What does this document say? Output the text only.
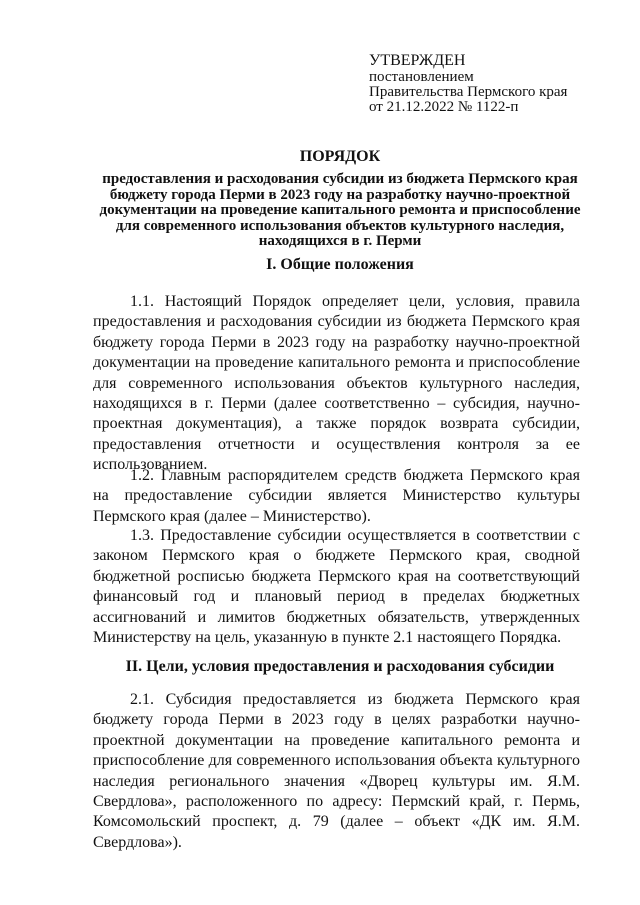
УТВЕРЖДЕН
постановлением
Правительства Пермского края
от 21.12.2022 № 1122-п
ПОРЯДОК
предоставления и расходования субсидии из бюджета Пермского края бюджету города Перми в 2023 году на разработку научно-проектной документации на проведение капитального ремонта и приспособление для современного использования объектов культурного наследия, находящихся в г. Перми
I. Общие положения
1.1. Настоящий Порядок определяет цели, условия, правила предоставления и расходования субсидии из бюджета Пермского края бюджету города Перми в 2023 году на разработку научно-проектной документации на проведение капитального ремонта и приспособление для современного использования объектов культурного наследия, находящихся в г. Перми (далее соответственно – субсидия, научно-проектная документация), а также порядок возврата субсидии, предоставления отчетности и осуществления контроля за ее использованием.
1.2. Главным распорядителем средств бюджета Пермского края на предоставление субсидии является Министерство культуры Пермского края (далее – Министерство).
1.3. Предоставление субсидии осуществляется в соответствии с законом Пермского края о бюджете Пермского края, сводной бюджетной росписью бюджета Пермского края на соответствующий финансовый год и плановый период в пределах бюджетных ассигнований и лимитов бюджетных обязательств, утвержденных Министерству на цель, указанную в пункте 2.1 настоящего Порядка.
II. Цели, условия предоставления и расходования субсидии
2.1. Субсидия предоставляется из бюджета Пермского края бюджету города Перми в 2023 году в целях разработки научно-проектной документации на проведение капитального ремонта и приспособление для современного использования объекта культурного наследия регионального значения «Дворец культуры им. Я.М. Свердлова», расположенного по адресу: Пермский край, г. Пермь, Комсомольский проспект, д. 79 (далее – объект «ДК им. Я.М. Свердлова»).
